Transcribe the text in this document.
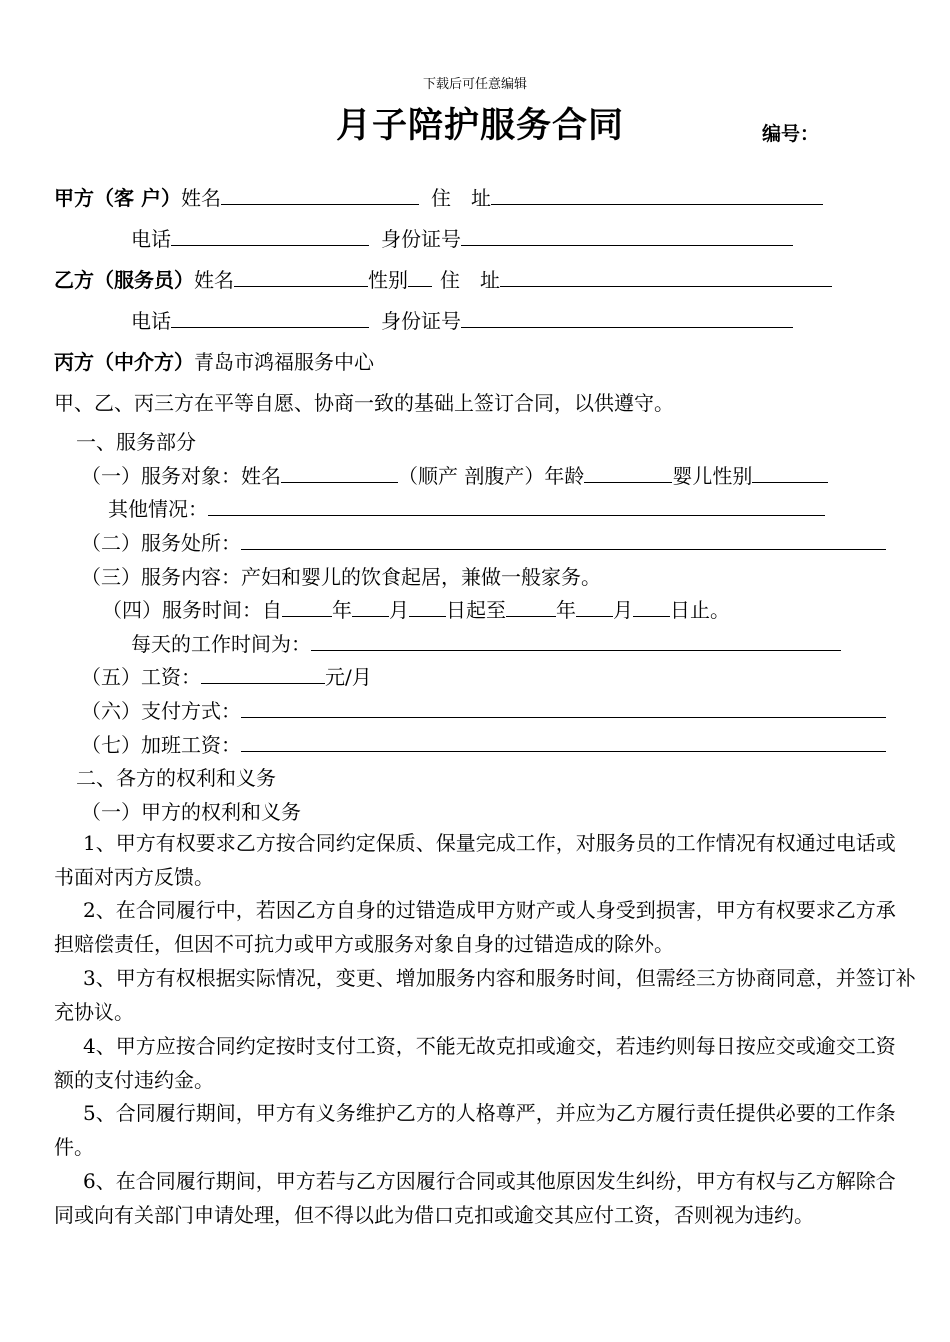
下载后可任意编辑
月子陪护服务合同	编号：
甲方（客 户）姓名	住　址
电话	身份证号
乙方（服务员）姓名	性别 住　址
电话	身份证号
丙方（中介方）青岛市鸿福服务中心
甲、乙、丙三方在平等自愿、协商一致的基础上签订合同，以供遵守。
一、服务部分
（一）服务对象：姓名	（顺产 剖腹产）年龄	婴儿性别
其他情况：
（二）服务处所：
（三）服务内容：产妇和婴儿的饮食起居，兼做一般家务。
（四）服务时间：自	年 月 日起至	年 月 日止。
每天的工作时间为：
（五）工资：	元/月
（六）支付方式：
（七）加班工资：
二、各方的权利和义务
（一）甲方的权利和义务
1、甲方有权要求乙方按合同约定保质、保量完成工作，对服务员的工作情况有权通过电话或书面对丙方反馈。
2、在合同履行中，若因乙方自身的过错造成甲方财产或人身受到损害，甲方有权要求乙方承担赔偿责任，但因不可抗力或甲方或服务对象自身的过错造成的除外。
3、甲方有权根据实际情况，变更、增加服务内容和服务时间，但需经三方协商同意，并签订补充协议。
4、甲方应按合同约定按时支付工资，不能无故克扣或逾交，若违约则每日按应交或逾交工资额的支付违约金。
5、合同履行期间，甲方有义务维护乙方的人格尊严，并应为乙方履行责任提供必要的工作条件。
6、在合同履行期间，甲方若与乙方因履行合同或其他原因发生纠纷，甲方有权与乙方解除合同或向有关部门申请处理，但不得以此为借口克扣或逾交其应付工资，否则视为违约。
